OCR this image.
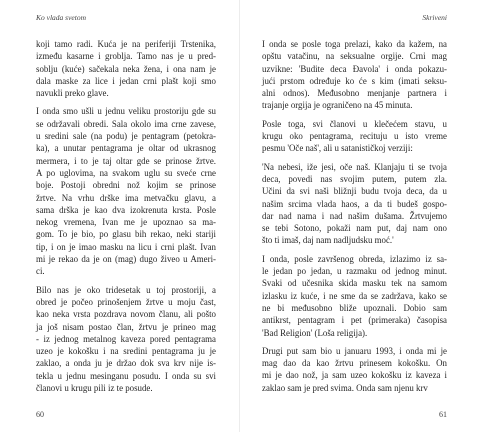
Ko vlada svetom
koji tamo radi. Kuća je na periferiji Trstenika,
između kasarne i groblja. Tamo nas je u pred-
soblju (kuće) sačekala neka žena, i ona nam je
dala maske za lice i jedan crni plašt koji smo
navukli preko glave.
I onda smo ušli u jednu veliku prostoriju gde su
se održavali obredi. Sala okolo ima crne zavese,
u sredini sale (na podu) je pentagram (petokra-
ka), a unutar pentagrama je oltar od ukrasnog
mermera, i to je taj oltar gde se prinose žrtve.
A po uglovima, na svakom uglu su sveće crne
boje. Postoji obredni nož kojim se prinose
žrtve. Na vrhu drške ima metvačku glavu, a
sama drška je kao dva izokrenuta krsta. Posle
nekog vremena, Ivan me je upoznao sa ma-
gom. To je bio, po glasu bih rekao, neki stariji
tip, i on je imao masku na licu i crni plašt. Ivan
mi je rekao da je on (mag) dugo živeo u Ameri-
ci.
Bilo nas je oko tridesetak u toj prostoriji, a
obred je počeo prinošenjem žrtve u moju čast,
kao neka vrsta pozdrava novom članu, ali pošto
ja još nisam postao član, žrtvu je prineo mag
- iz jednog metalnog kaveza pored pentagrama
uzeo je kokošku i na sredini pentagrama ju je
zaklao, a onda ju je držao dok sva krv nije is-
tekla u jednu mesinganu posudu. I onda su svi
članovi u krugu pili iz te posude.
60
Skriveni
I onda se posle toga prelazi, kako da kažem, na
opštu vatačinu, na seksualne orgije. Crni mag
uzvikne: 'Budite deca Đavola' i onda pokazu-
jući prstom određuje ko će s kim (imati seksu-
alni odnos). Međusobno menjanje partnera i
trajanje orgija je ograničeno na 45 minuta.
Posle toga, svi članovi u klečećem stavu, u
krugu oko pentagrama, recituju u isto vreme
pesmu 'Oče naš', ali u satanističkoj verziji:
'Na nebesi, iže jesi, oče naš. Klanjaju ti se tvoja
deca, povedi nas svojim putem, putem zla.
Učini da svi naši bližnji budu tvoja deca, da u
našim srcima vlada haos, a da ti budeš gospo-
dar nad nama i nad našim dušama. Žrtvujemo
se tebi Sotono, pokaži nam put, daj nam ono
što ti imaš, daj nam nadljudsku moć.'
I onda, posle završenog obreda, izlazimo iz sa-
le jedan po jedan, u razmaku od jednog minut.
Svaki od učesnika skida masku tek na samom
izlasku iz kuće, i ne sme da se zadržava, kako se
ne bi međusobno bliže upoznali. Dobio sam
antikrst, pentagram i pet (primeraka) časopisa
'Bad Religion' (Loša religija).
Drugi put sam bio u januaru 1993, i onda mi je
mag dao da kao žrtvu prinesem kokošku. On
mi je dao nož, ja sam uzeo kokošku iz kaveza i
zaklao sam je pred svima. Onda sam njenu krv
61
